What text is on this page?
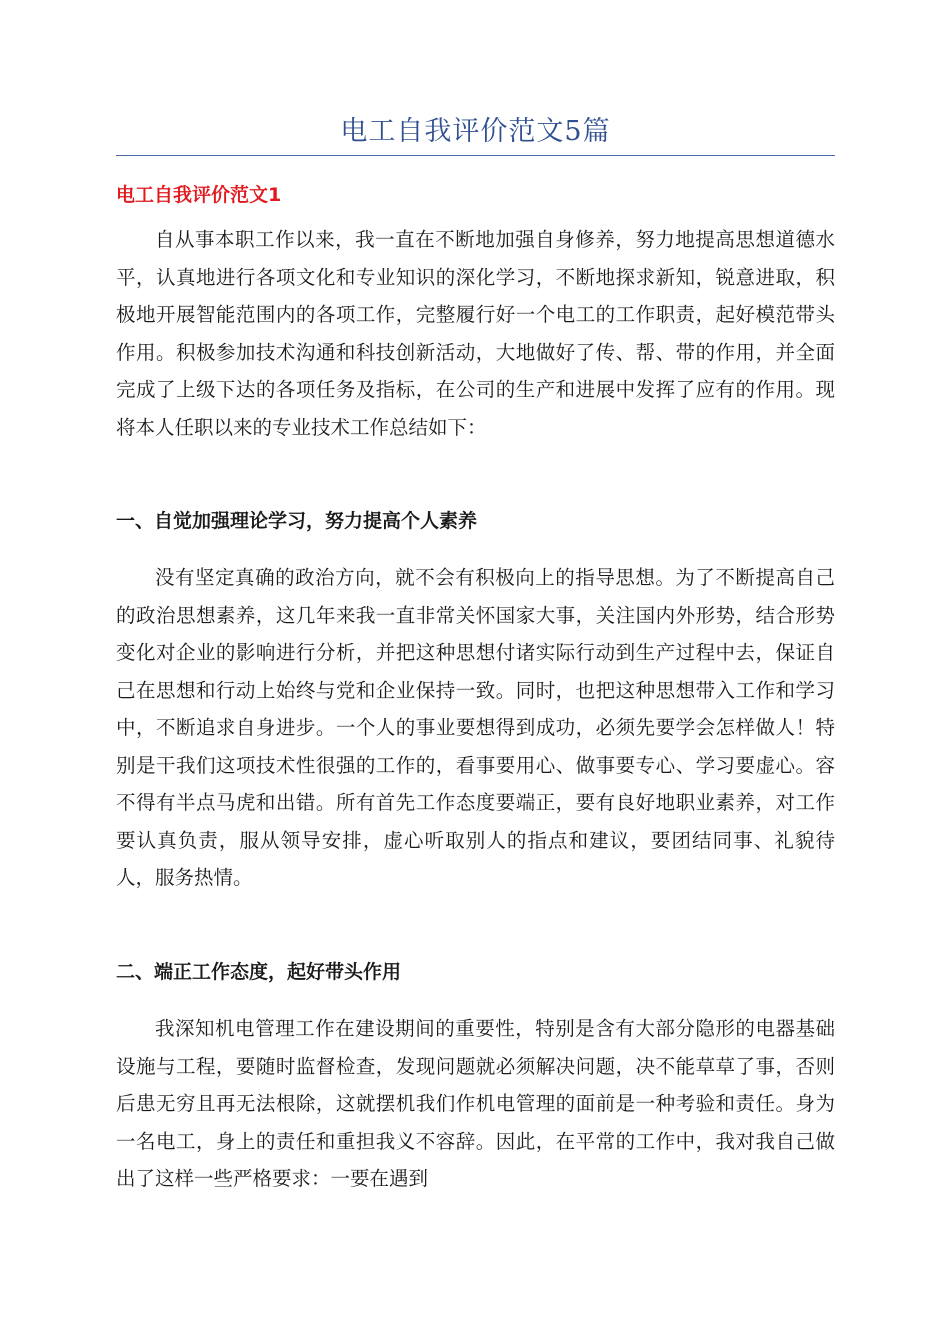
电工自我评价范文5篇
电工自我评价范文1

自从事本职工作以来，我一直在不断地加强自身修养，努力地提高思想道德水平，认真地进行各项文化和专业知识的深化学习，不断地探求新知，锐意进取，积极地开展智能范围内的各项工作，完整履行好一个电工的工作职责，起好模范带头作用。积极参加技术沟通和科技创新活动，大地做好了传、帮、带的作用，并全面完成了上级下达的各项任务及指标，在公司的生产和进展中发挥了应有的作用。现将本人任职以来的专业技术工作总结如下：

一、自觉加强理论学习，努力提高个人素养

没有坚定真确的政治方向，就不会有积极向上的指导思想。为了不断提高自己的政治思想素养，这几年来我一直非常关怀国家大事，关注国内外形势，结合形势变化对企业的影响进行分析，并把这种思想付诸实际行动到生产过程中去，保证自己在思想和行动上始终与党和企业保持一致。同时，也把这种思想带入工作和学习中，不断追求自身进步。一个人的事业要想得到成功，必须先要学会怎样做人！特别是干我们这项技术性很强的工作的，看事要用心、做事要专心、学习要虚心。容不得有半点马虎和出错。所有首先工作态度要端正，要有良好地职业素养，对工作要认真负责，服从领导安排，虚心听取别人的指点和建议，要团结同事、礼貌待人，服务热情。

二、端正工作态度，起好带头作用

我深知机电管理工作在建设期间的重要性，特别是含有大部分隐形的电器基础设施与工程，要随时监督检查，发现问题就必须解决问题，决不能草草了事，否则后患无穷且再无法根除，这就摆机我们作机电管理的面前是一种考验和责任。身为一名电工，身上的责任和重担我义不容辞。因此，在平常的工作中，我对我自己做出了这样一些严格要求：一要在遇到
